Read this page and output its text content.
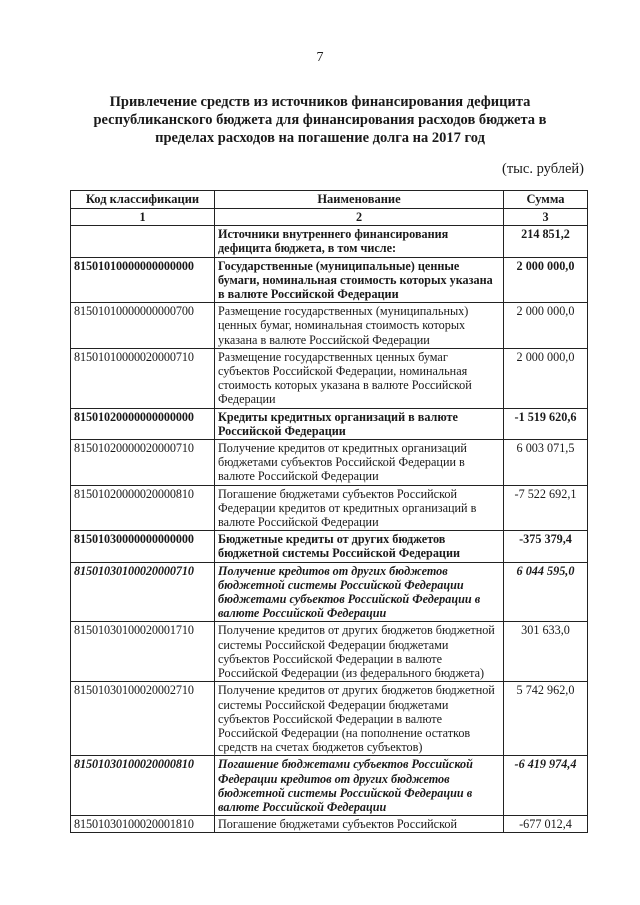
7
Привлечение средств из источников финансирования дефицита
республиканского бюджета для финансирования расходов бюджета в
пределах расходов на погашение долга на 2017 год
(тыс. рублей)
Код классификации	Наименование	Сумма
1	2	3
	Источники внутреннего финансирования дефицита бюджета, в том числе:	214 851,2
81501010000000000000	Государственные (муниципальные) ценные бумаги, номинальная стоимость которых указана в валюте Российской Федерации	2 000 000,0
81501010000000000700	Размещение государственных (муниципальных) ценных бумаг, номинальная стоимость которых указана в валюте Российской Федерации	2 000 000,0
81501010000020000710	Размещение государственных ценных бумаг субъектов Российской Федерации, номинальная стоимость которых указана в валюте Российской Федерации	2 000 000,0
81501020000000000000	Кредиты кредитных организаций в валюте Российской Федерации	-1 519 620,6
81501020000020000710	Получение кредитов от кредитных организаций бюджетами субъектов Российской Федерации в валюте Российской Федерации	6 003 071,5
81501020000020000810	Погашение бюджетами субъектов Российской Федерации кредитов от кредитных организаций в валюте Российской Федерации	-7 522 692,1
81501030000000000000	Бюджетные кредиты от других бюджетов бюджетной системы Российской Федерации	-375 379,4
81501030100020000710	Получение кредитов от других бюджетов бюджетной системы Российской Федерации бюджетами субъектов Российской Федерации в валюте Российской Федерации	6 044 595,0
81501030100020001710	Получение кредитов от других бюджетов бюджетной системы Российской Федерации бюджетами субъектов Российской Федерации в валюте Российской Федерации (из федерального бюджета)	301 633,0
81501030100020002710	Получение кредитов от других бюджетов бюджетной системы Российской Федерации бюджетами субъектов Российской Федерации в валюте Российской Федерации (на пополнение остатков средств на счетах бюджетов субъектов)	5 742 962,0
81501030100020000810	Погашение бюджетами субъектов Российской Федерации кредитов от других бюджетов бюджетной системы Российской Федерации в валюте Российской Федерации	-6 419 974,4
81501030100020001810	Погашение бюджетами субъектов Российской	-677 012,4
